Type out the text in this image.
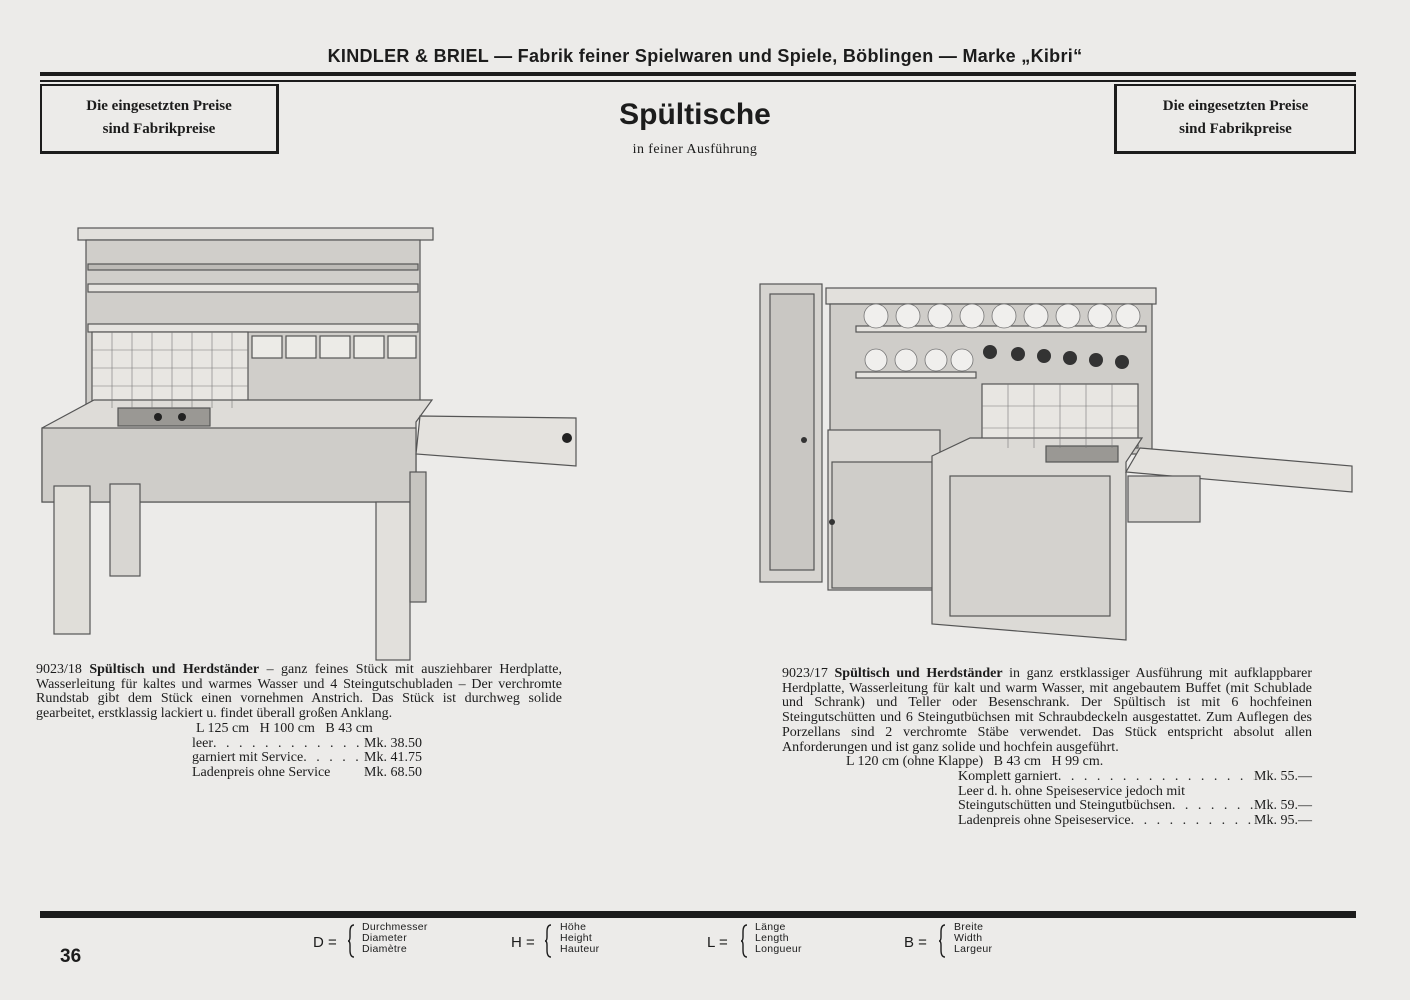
KINDLER & BRIEL — Fabrik feiner Spielwaren und Spiele, Böblingen — Marke „Kibri“
Die eingesetzten Preise
sind Fabrikpreise
Die eingesetzten Preise
sind Fabrikpreise
Spültische
in feiner Ausführung
9023/18 Spültisch und Herdständer – ganz feines Stück mit ausziehbarer Herdplatte, Wasserleitung für kaltes und warmes Wasser und 4 Steingutschubladen – Der verchromte Rundstab gibt dem Stück einen vornehmen Anstrich. Das Stück ist durchweg solide gearbeitet, erstklassig lackiert u. findet überall großen Anklang.
L 125 cm   H 100 cm   B 43 cm
leer . . .	Mk. 38.50
garniert mit Service . . .	Mk. 41.75
Ladenpreis ohne Service Mk. 68.50
9023/17 Spültisch und Herdständer in ganz erstklassiger Ausführung mit aufklappbarer Herdplatte, Wasserleitung für kalt und warm Wasser, mit angebautem Buffet (mit Schublade und Schrank) und Teller oder Besenschrank. Der Spültisch ist mit 6 hochfeinen Steingutschütten und 6 Steingutbüchsen mit Schraubdeckeln ausgestattet. Zum Auflegen des Porzellans sind 2 verchromte Stäbe verwendet. Das Stück entspricht absolut allen Anforderungen und ist ganz solide und hochfein ausgeführt.
L 120 cm (ohne Klappe)   B 43 cm   H 99 cm.
Komplett garniert . . .	Mk. 55.—
Leer d. h. ohne Speiseservice jedoch mit
Steingutschütten und Steingutbüchsen . . .	Mk. 59.—
Ladenpreis ohne Speiseservice . . .	Mk. 95.—
D =
Durchmesser
Diameter
Diamètre	H =
Höhe
Height
Hauteur	L =
Länge
Length
Longueur	B =
Breite
Width
Largeur
36
